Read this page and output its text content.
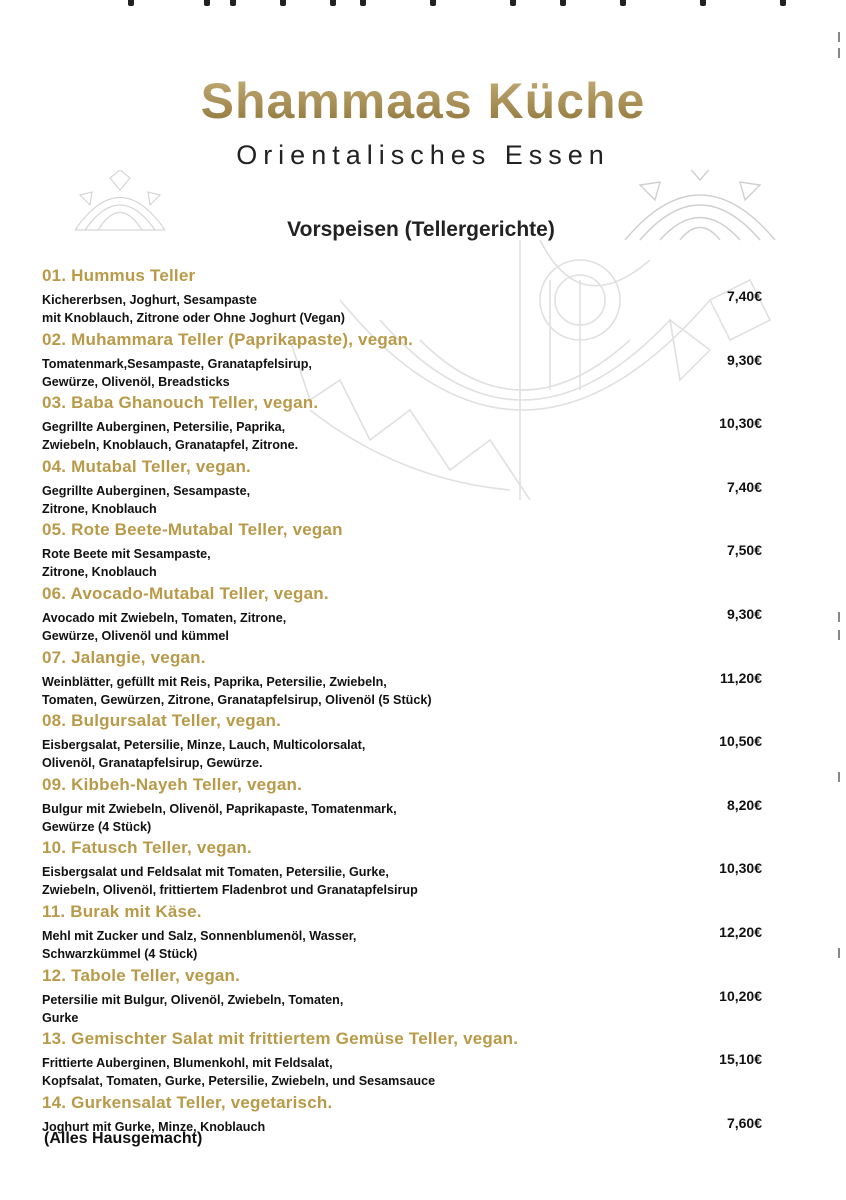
Shammaas Küche
Orientalisches Essen
Vorspeisen (Tellergerichte)
01. Hummus Teller
Kichererbsen, Joghurt, Sesampaste
mit Knoblauch, Zitrone oder Ohne Joghurt (Vegan)
7,40€
02. Muhammara Teller (Paprikapaste), vegan.
Tomatenmark,Sesampaste, Granatapfelsirup,
Gewürze, Olivenöl, Breadsticks
9,30€
03. Baba Ghanouch Teller, vegan.
Gegrillte Auberginen, Petersilie, Paprika,
Zwiebeln, Knoblauch, Granatapfel, Zitrone.
10,30€
04. Mutabal Teller, vegan.
Gegrillte Auberginen, Sesampaste,
Zitrone, Knoblauch
7,40€
05. Rote Beete-Mutabal Teller, vegan
Rote Beete mit Sesampaste,
Zitrone, Knoblauch
7,50€
06. Avocado-Mutabal Teller, vegan.
Avocado mit Zwiebeln, Tomaten, Zitrone,
Gewürze, Olivenöl und kümmel
9,30€
07. Jalangie, vegan.
Weinblätter, gefüllt mit Reis, Paprika, Petersilie, Zwiebeln,
Tomaten, Gewürzen, Zitrone, Granatapfelsirup, Olivenöl (5 Stück)
11,20€
08. Bulgursalat Teller, vegan.
Eisbergsalat, Petersilie, Minze, Lauch, Multicolorsalat,
Olivenöl, Granatapfelsirup, Gewürze.
10,50€
09. Kibbeh-Nayeh Teller, vegan.
Bulgur mit Zwiebeln, Olivenöl, Paprikapaste, Tomatenmark,
Gewürze (4 Stück)
8,20€
10. Fatusch Teller, vegan.
Eisbergsalat und Feldsalat mit Tomaten, Petersilie, Gurke,
Zwiebeln, Olivenöl, frittiertem Fladenbrot und Granatapfelsirup
10,30€
11. Burak mit Käse.
Mehl mit Zucker und Salz, Sonnenblumenöl, Wasser,
Schwarzkümmel (4 Stück)
12,20€
12. Tabole Teller, vegan.
Petersilie mit Bulgur, Olivenöl, Zwiebeln, Tomaten,
Gurke
10,20€
13. Gemischter Salat mit frittiertem Gemüse Teller, vegan.
Frittierte Auberginen, Blumenkohl, mit Feldsalat,
Kopfsalat, Tomaten, Gurke, Petersilie, Zwiebeln, und Sesamsauce
15,10€
14. Gurkensalat Teller, vegetarisch.
Joghurt mit Gurke, Minze, Knoblauch	7,60€
(Alles Hausgemacht)
